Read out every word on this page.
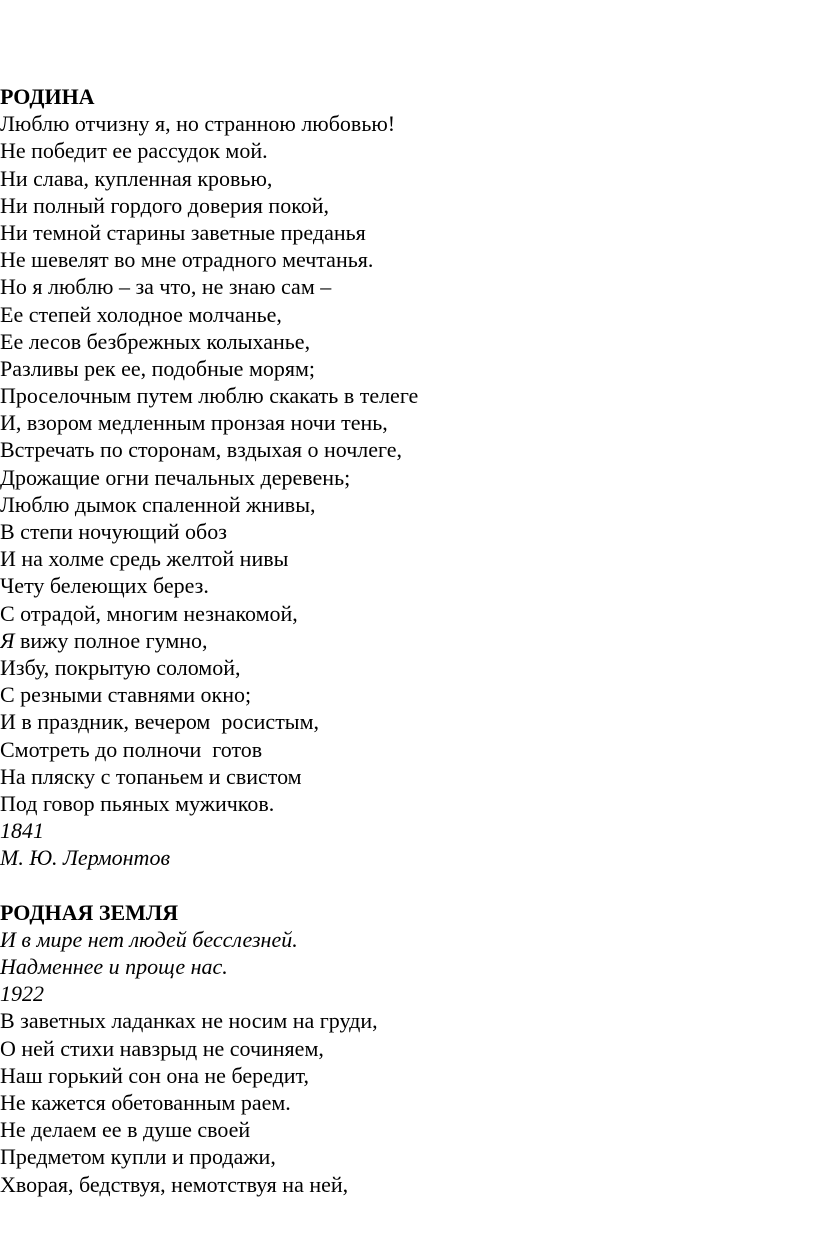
РОДИНА
Люблю отчизну я, но странною любовью!
Не победит ее рассудок мой.
Ни слава, купленная кровью,
Ни полный гордого доверия покой,
Ни темной старины заветные преданья
Не шевелят во мне отрадного мечтанья.
Но я люблю – за что, не знаю сам –
Ее степей холодное молчанье,
Ее лесов безбрежных колыханье,
Разливы рек ее, подобные морям;
Проселочным путем люблю скакать в телеге
И, взором медленным пронзая ночи тень,
Встречать по сторонам, вздыхая о ночлеге,
Дрожащие огни печальных деревень;
Люблю дымок спаленной жнивы,
В степи ночующий обоз
И на холме средь желтой нивы
Чету белеющих берез.
С отрадой, многим незнакомой,
Я вижу полное гумно,
Избу, покрытую соломой,
С резными ставнями окно;
И в праздник, вечером  росистым,
Смотреть до полночи  готов
На пляску с топаньем и свистом
Под говор пьяных мужичков.
1841
М. Ю. Лермонтов
РОДНАЯ ЗЕМЛЯ
И в мире нет людей бесслезней.
Надменнее и проще нас.
1922
В заветных ладанках не носим на груди,
О ней стихи навзрыд не сочиняем,
Наш горький сон она не бередит,
Не кажется обетованным раем.
Не делаем ее в душе своей
Предметом купли и продажи,
Хворая, бедствуя, немотствуя на ней,
